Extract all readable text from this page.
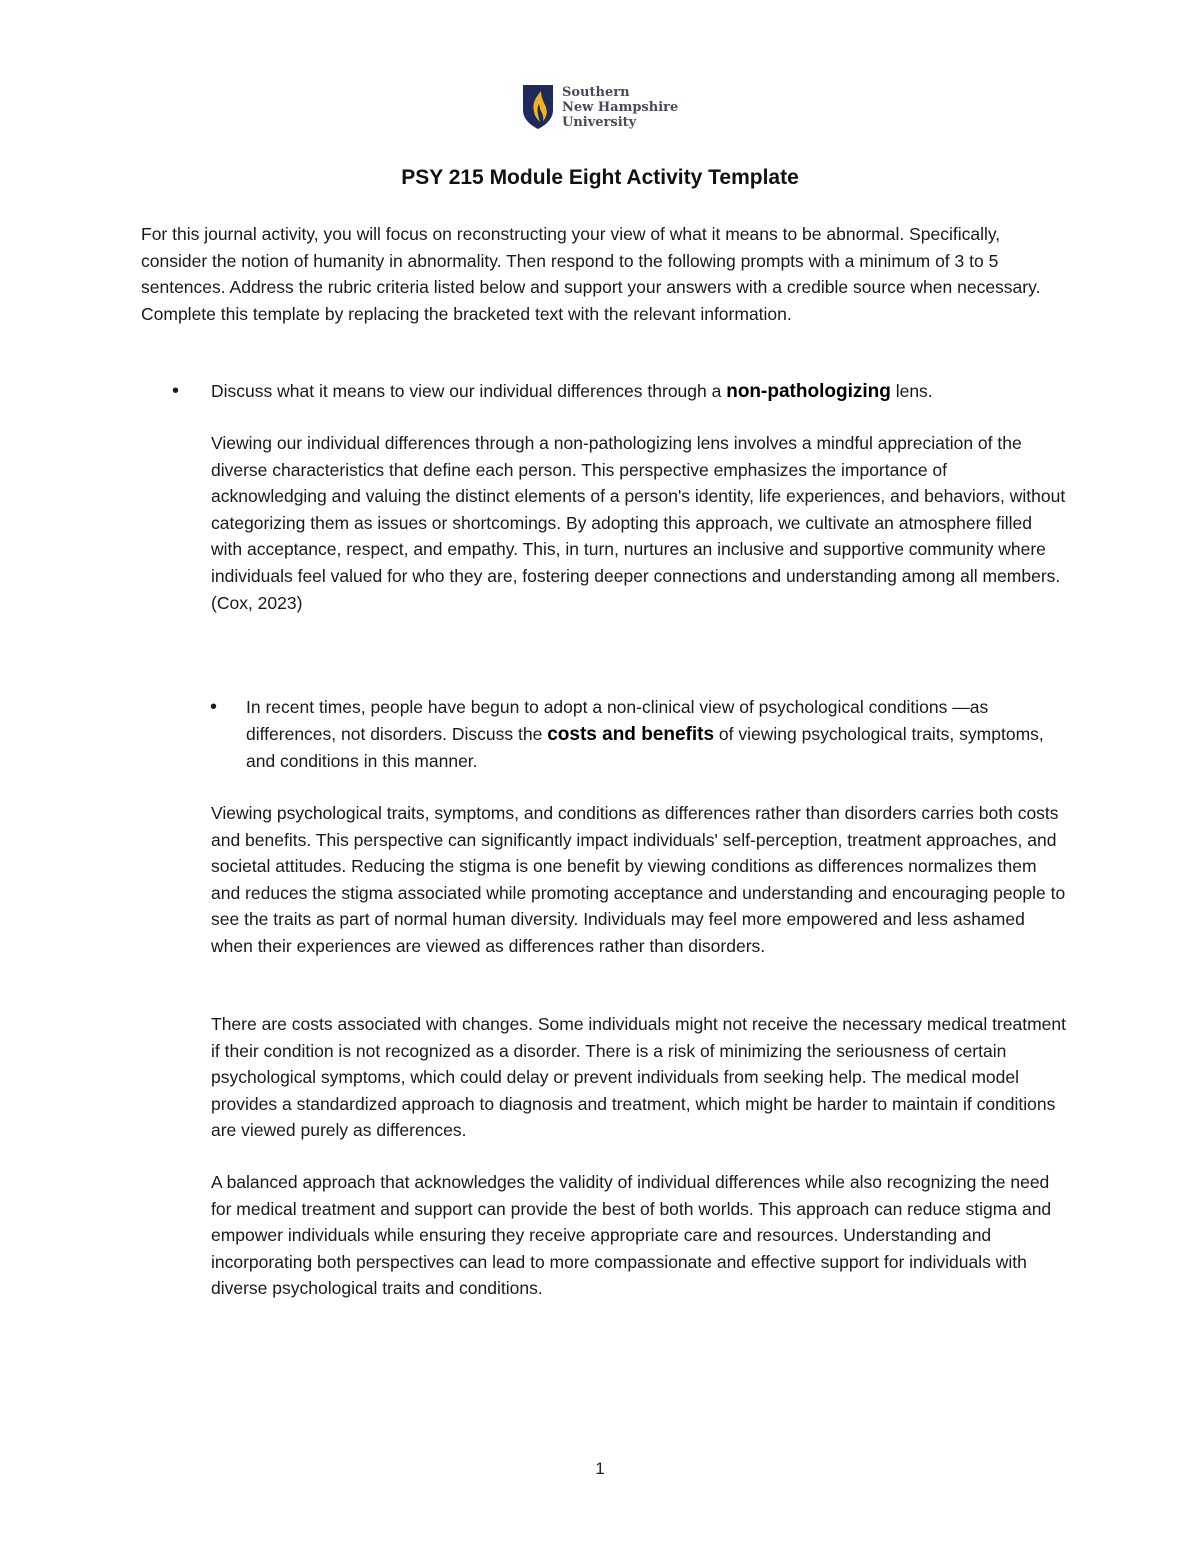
Southern
New Hampshire
University
PSY 215 Module Eight Activity Template

For this journal activity, you will focus on reconstructing your view of what it means to be abnormal. Specifically, consider the notion of humanity in abnormality. Then respond to the following prompts with a minimum of 3 to 5 sentences. Address the rubric criteria listed below and support your answers with a credible source when necessary. Complete this template by replacing the bracketed text with the relevant information.

•	Discuss what it means to view our individual differences through a non-pathologizing lens.

Viewing our individual differences through a non-pathologizing lens involves a mindful appreciation of the diverse characteristics that define each person. This perspective emphasizes the importance of acknowledging and valuing the distinct elements of a person's identity, life experiences, and behaviors, without categorizing them as issues or shortcomings. By adopting this approach, we cultivate an atmosphere filled with acceptance, respect, and empathy. This, in turn, nurtures an inclusive and supportive community where individuals feel valued for who they are, fostering deeper connections and understanding among all members. (Cox, 2023)

•	In recent times, people have begun to adopt a non-clinical view of psychological conditions —as differences, not disorders. Discuss the costs and benefits of viewing psychological traits, symptoms, and conditions in this manner.

Viewing psychological traits, symptoms, and conditions as differences rather than disorders carries both costs and benefits. This perspective can significantly impact individuals' self-perception, treatment approaches, and societal attitudes. Reducing the stigma is one benefit by viewing conditions as differences normalizes them and reduces the stigma associated while promoting acceptance and understanding and encouraging people to see the traits as part of normal human diversity. Individuals may feel more empowered and less ashamed when their experiences are viewed as differences rather than disorders.

There are costs associated with changes. Some individuals might not receive the necessary medical treatment if their condition is not recognized as a disorder. There is a risk of minimizing the seriousness of certain psychological symptoms, which could delay or prevent individuals from seeking help. The medical model provides a standardized approach to diagnosis and treatment, which might be harder to maintain if conditions are viewed purely as differences.

A balanced approach that acknowledges the validity of individual differences while also recognizing the need for medical treatment and support can provide the best of both worlds. This approach can reduce stigma and empower individuals while ensuring they receive appropriate care and resources. Understanding and incorporating both perspectives can lead to more compassionate and effective support for individuals with diverse psychological traits and conditions.

1
